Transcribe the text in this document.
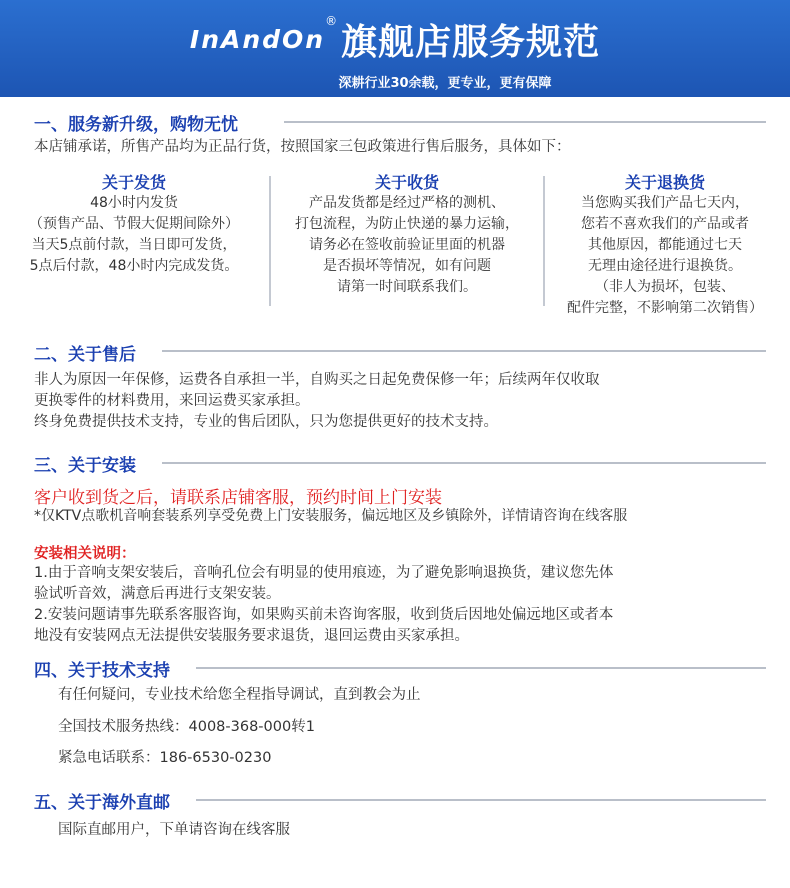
InAndOn®旗舰店服务规范
深耕行业30余载，更专业，更有保障
一、服务新升级，购物无忧
本店铺承诺，所售产品均为正品行货，按照国家三包政策进行售后服务，具体如下：
关于发货
48小时内发货
（预售产品、节假大促期间除外）
当天5点前付款，当日即可发货，
5点后付款，48小时内完成发货。
关于收货
产品发货都是经过严格的测机、
打包流程，为防止快递的暴力运输，
请务必在签收前验证里面的机器
是否损坏等情况，如有问题
请第一时间联系我们。
关于退换货
当您购买我们产品七天内，
您若不喜欢我们的产品或者
其他原因，都能通过七天
无理由途径进行退换货。
（非人为损坏，包装、
配件完整，不影响第二次销售）
二、关于售后
非人为原因一年保修，运费各自承担一半，自购买之日起免费保修一年；后续两年仅收取
更换零件的材料费用，来回运费买家承担。
终身免费提供技术支持，专业的售后团队，只为您提供更好的技术支持。
三、关于安装
客户收到货之后，请联系店铺客服，预约时间上门安装
*仅KTV点歌机音响套装系列享受免费上门安装服务，偏远地区及乡镇除外，详情请咨询在线客服
安装相关说明：
1.由于音响支架安装后，音响孔位会有明显的使用痕迹，为了避免影响退换货，建议您先体
验试听音效，满意后再进行支架安装。
2.安装问题请事先联系客服咨询，如果购买前未咨询客服，收到货后因地处偏远地区或者本
地没有安装网点无法提供安装服务要求退货，退回运费由买家承担。
四、关于技术支持
有任何疑问，专业技术给您全程指导调试，直到教会为止
全国技术服务热线：4008-368-000转1
紧急电话联系：186-6530-0230
五、关于海外直邮
国际直邮用户，下单请咨询在线客服
